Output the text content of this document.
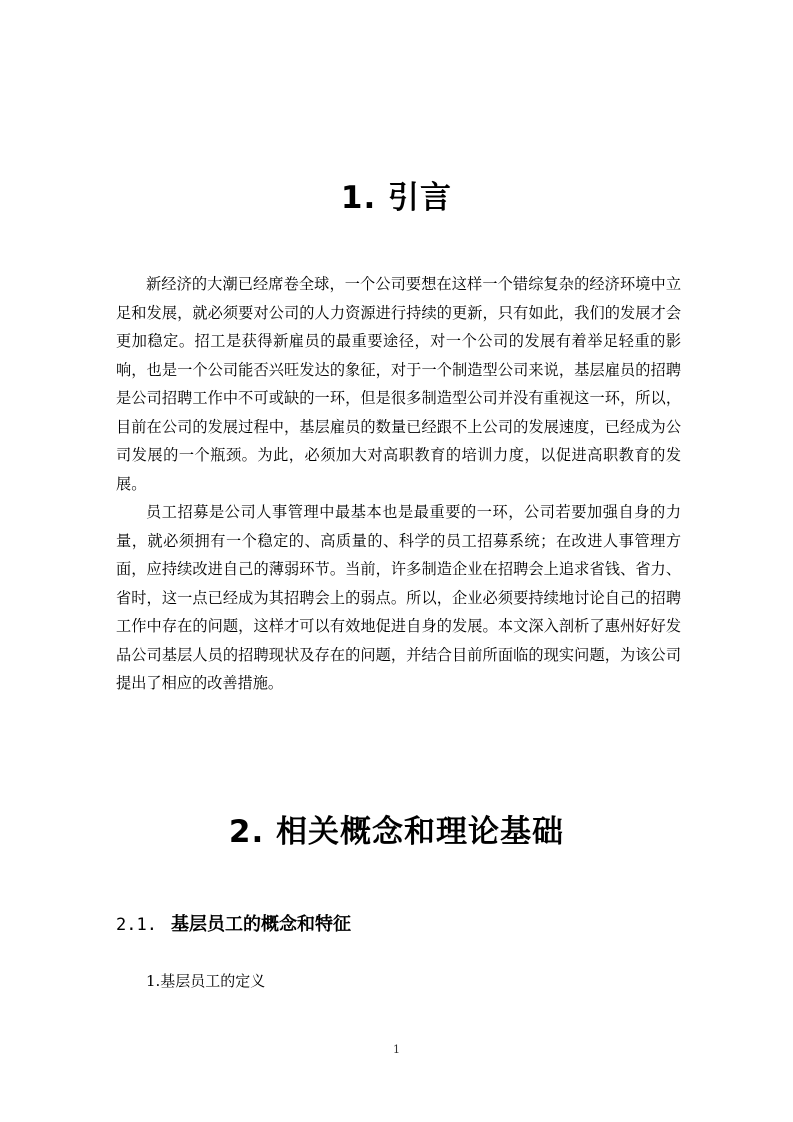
1. 引言

新经济的大潮已经席卷全球，一个公司要想在这样一个错综复杂的经济环境中立足和发展，就必须要对公司的人力资源进行持续的更新，只有如此，我们的发展才会更加稳定。招工是获得新雇员的最重要途径，对一个公司的发展有着举足轻重的影响，也是一个公司能否兴旺发达的象征，对于一个制造型公司来说，基层雇员的招聘是公司招聘工作中不可或缺的一环，但是很多制造型公司并没有重视这一环，所以，目前在公司的发展过程中，基层雇员的数量已经跟不上公司的发展速度，已经成为公司发展的一个瓶颈。为此，必须加大对高职教育的培训力度，以促进高职教育的发展。

员工招募是公司人事管理中最基本也是最重要的一环，公司若要加强自身的力量，就必须拥有一个稳定的、高质量的、科学的员工招募系统；在改进人事管理方面，应持续改进自己的薄弱环节。当前，许多制造企业在招聘会上追求省钱、省力、省时，这一点已经成为其招聘会上的弱点。所以，企业必须要持续地讨论自己的招聘工作中存在的问题，这样才可以有效地促进自身的发展。本文深入剖析了惠州好好发品公司基层人员的招聘现状及存在的问题，并结合目前所面临的现实问题，为该公司提出了相应的改善措施。

2. 相关概念和理论基础
2.1. 基层员工的概念和特征
1.基层员工的定义
1
